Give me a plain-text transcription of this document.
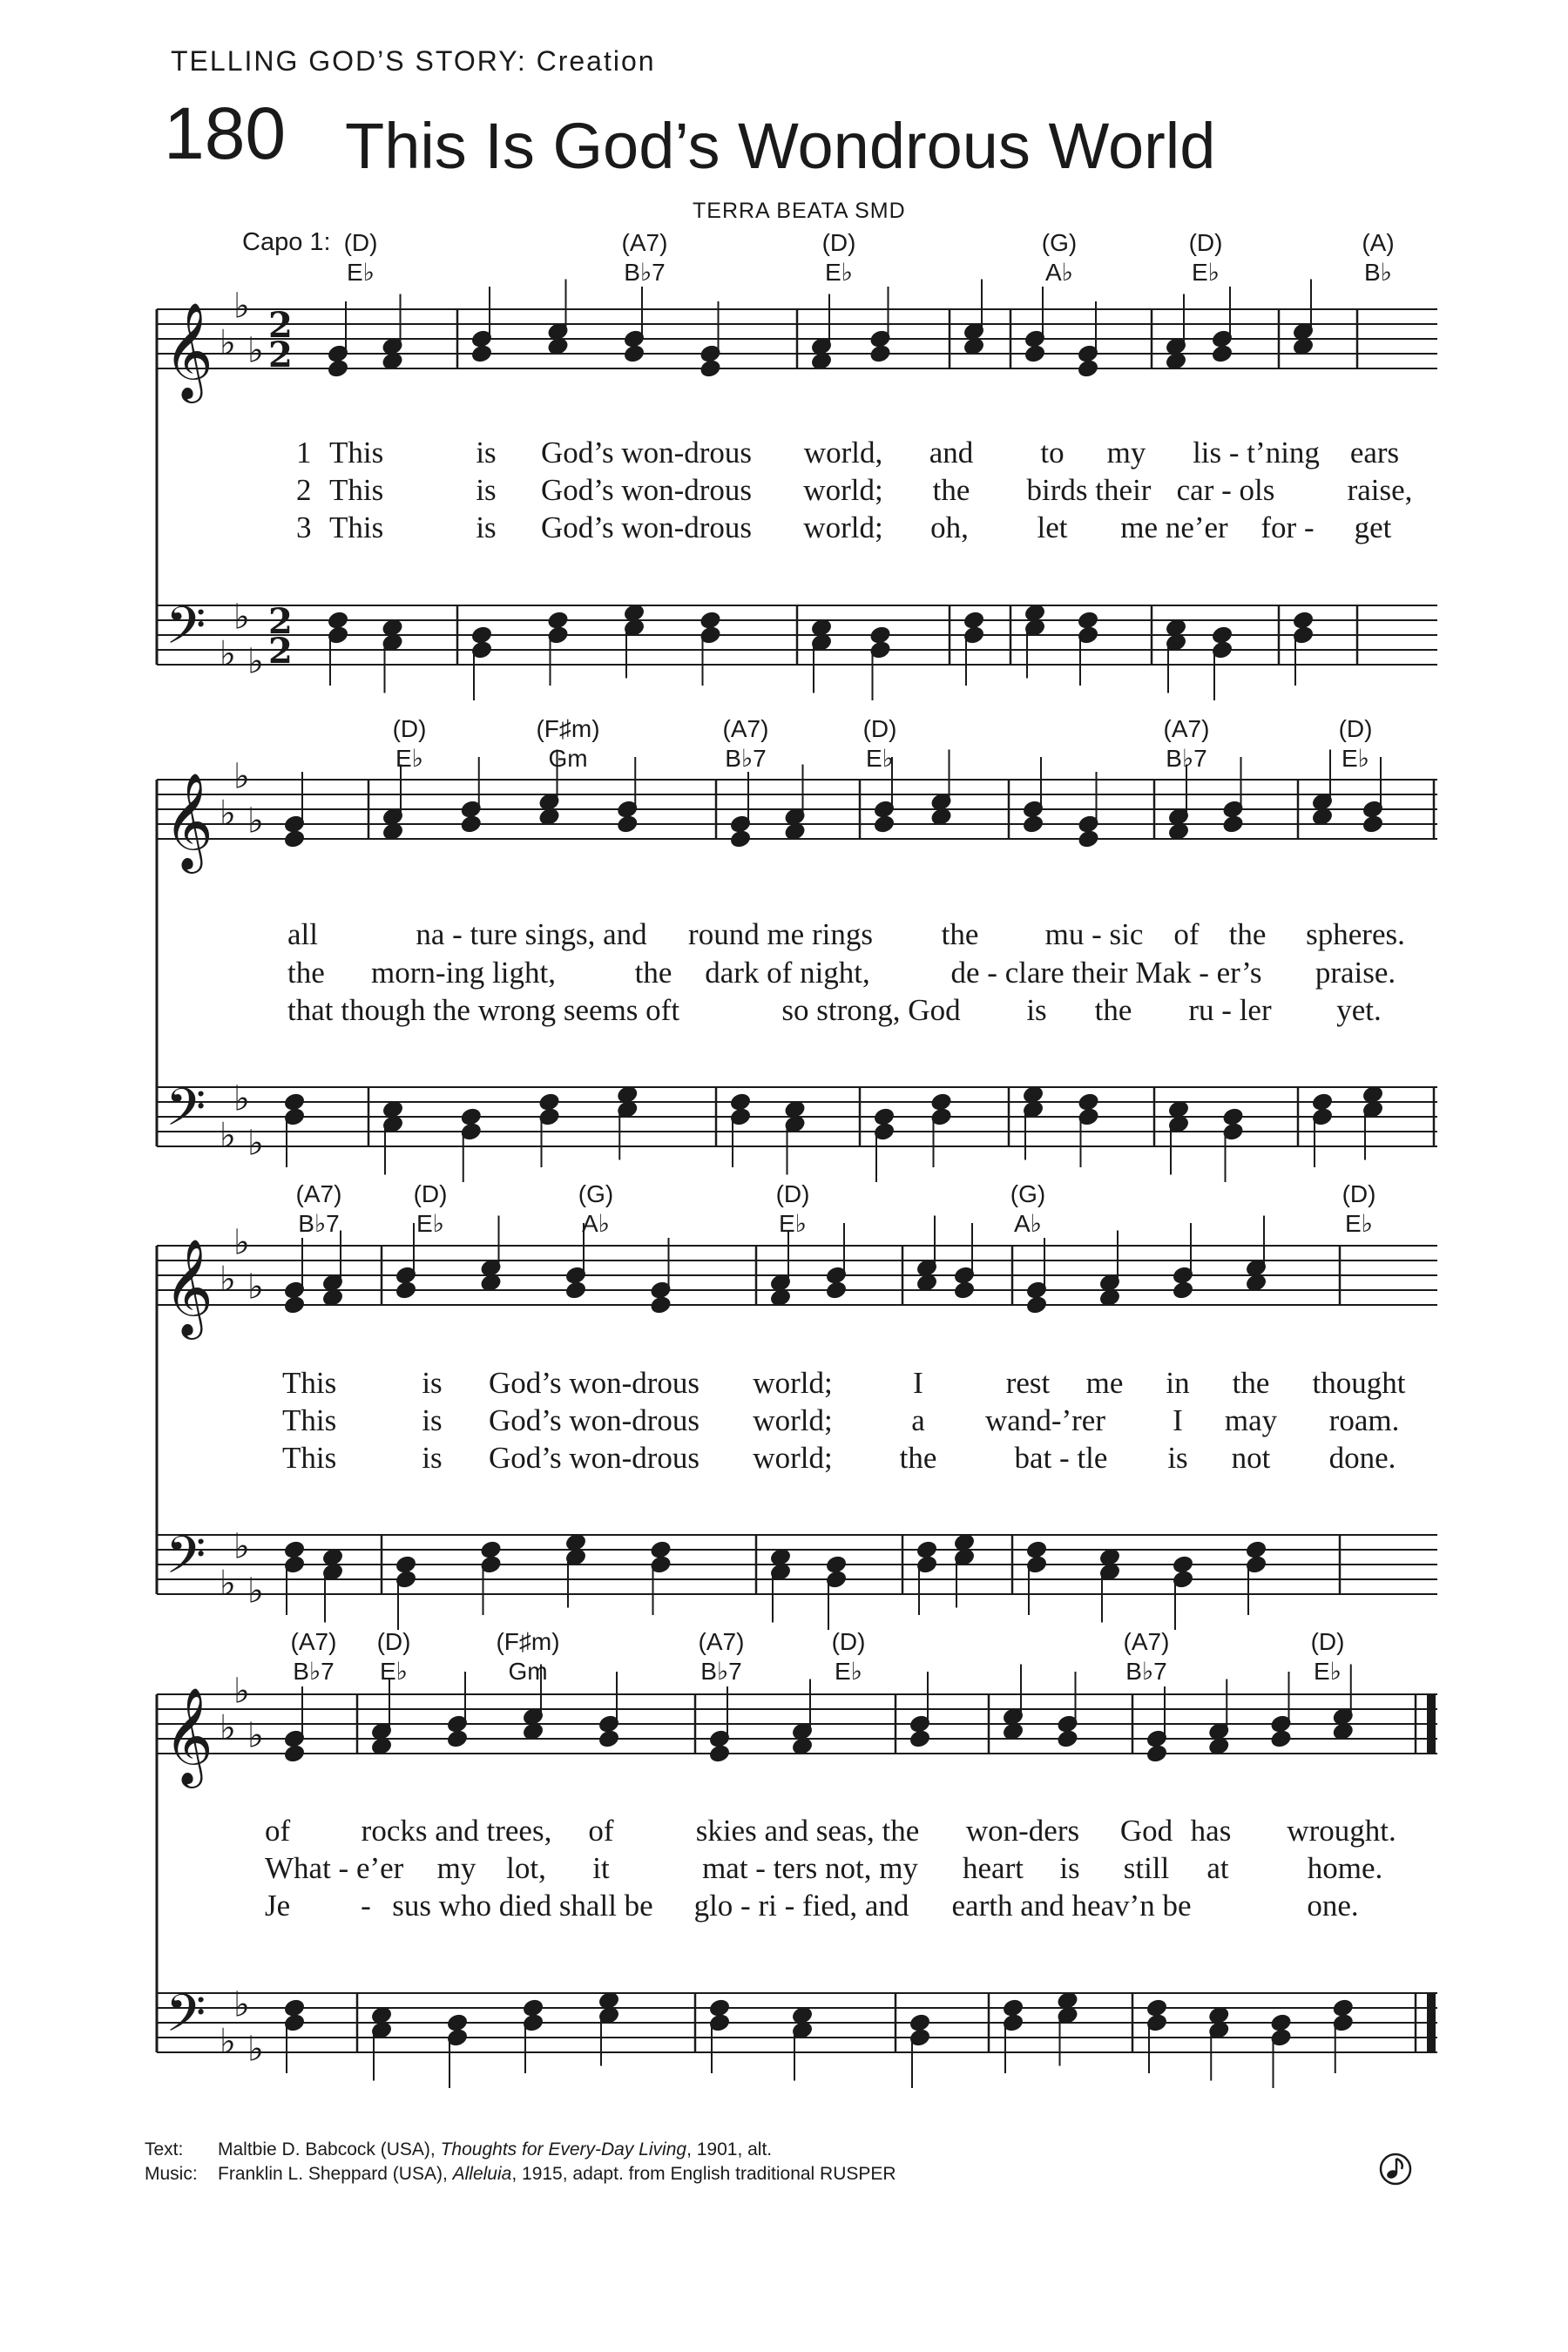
TELLING GOD’S STORY: Creation
180 This Is God’s Wondrous World
TERRA BEATA SMD
Capo 1:
𝄞
𝄢
♭
♭
♭
♭
♭
♭
2
2
2
2
𝄞
𝄢
♭
♭
♭
♭
♭
♭
𝄞
𝄢
♭
♭
♭
♭
♭
♭
𝄞
𝄢
♭
♭
♭
♭
♭
♭
(D)
E♭
(A7)
B♭7
(D)
E♭
(G)
A♭
(D)
E♭
(A)
B♭
1
2
3
This	is God’s won-drous world, and to my lis - t’ning ears
This	is God’s won-drous world; the birds their car - ols raise,
This	is God’s won-drous world; oh, let me ne’er for - get
(D)
E♭
(F♯m)
Gm
(A7)
B♭7
(D)
E♭
(A7)
B♭7
(D)
E♭
all	na - ture sings, and round me rings the mu - sic of the spheres.
the morn-ing light,	the dark of night,	de - clare their Mak - er’s praise.
that though the wrong seems oft	so strong, God is the ru - ler yet.
(A7)
B♭7
(D)
E♭
(G)
A♭
(D)
E♭
(G)
A♭
(D)
E♭
This	is God’s won-drous world;	I	rest me in the thought
This	is God’s won-drous world;	a wand-’rer I may roam.
This	is God’s won-drous world; the	bat - tle is not done.
(A7)
B♭7
(D)
E♭
(F♯m)
Gm
(A7)
B♭7
(D)
E♭
(A7)
B♭7
(D)
E♭
of rocks and trees, of	skies and seas, the won-ders God has wrought.
What - e’er my lot, it	mat - ters not, my heart is still at	home.
Je - sus who died shall be glo - ri - fied, and earth and heav’n be	one.
Text: Maltbie D. Babcock (USA), Thoughts for Every-Day Living, 1901, alt.
Music: Franklin L. Sheppard (USA), Alleluia, 1915, adapt. from English traditional RUSPER
